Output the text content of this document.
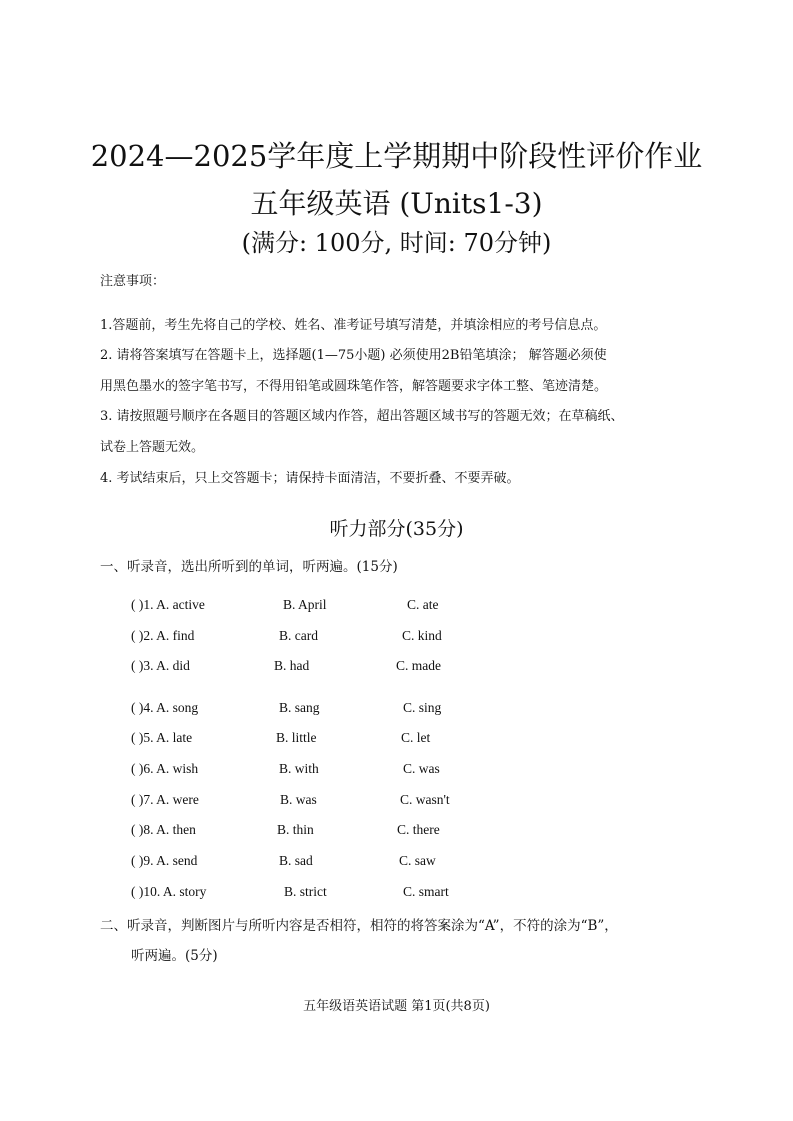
2024—2025学年度上学期期中阶段性评价作业
五年级英语 (Units1-3)
(满分: 100分, 时间: 70分钟)
注意事项：
1.答题前，考生先将自己的学校、姓名、准考证号填写清楚，并填涂相应的考号信息点。
2. 请将答案填写在答题卡上，选择题(1—75小题) 必须使用2B铅笔填涂； 解答题必须使
用黑色墨水的签字笔书写，不得用铅笔或圆珠笔作答，解答题要求字体工整、笔迹清楚。
3. 请按照题号顺序在各题目的答题区域内作答，超出答题区域书写的答题无效；在草稿纸、
试卷上答题无效。
4. 考试结束后，只上交答题卡；请保持卡面清洁，不要折叠、不要弄破。
听力部分(35分)
一、听录音，选出所听到的单词，听两遍。(15分)
( )1. A. active	B. April	C. ate
( )2. A. find	B. card	C. kind
( )3. A. did	B. had	C. made
( )4. A. song	B. sang	C. sing
( )5. A. late	B. little	C. let
( )6. A. wish	B. with	C. was
( )7. A. were	B. was	C. wasn't
( )8. A. then	B. thin	C. there
( )9. A. send	B. sad	C. saw
( )10. A. story	B. strict	C. smart
二、听录音，判断图片与所听内容是否相符，相符的将答案涂为“A”，不符的涂为“B”，
听两遍。(5分)
五年级语英语试题 第1页(共8页)
